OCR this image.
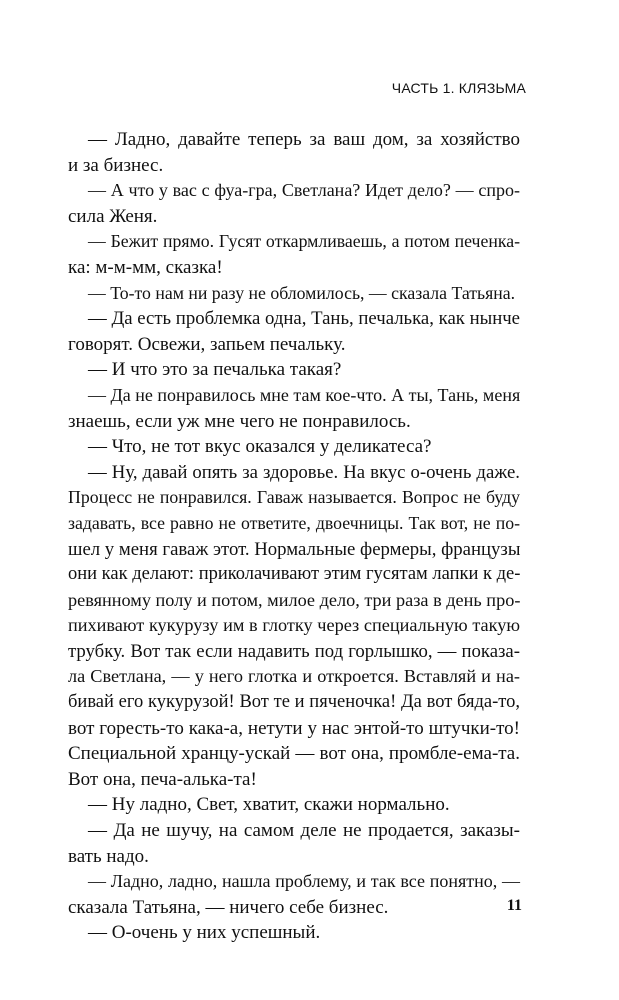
ЧАСТЬ 1. КЛЯЗЬМА
— Ладно, давайте теперь за ваш дом, за хозяйство
и за бизнес.
— А что у вас с фуа-гра, Светлана? Идет дело? — спро-
сила Женя.
— Бежит прямо. Гусят откармливаешь, а потом печенка-
ка: м-м-мм, сказка!
— То-то нам ни разу не обломилось, — сказала Татьяна.
— Да есть проблемка одна, Тань, печалька, как нынче
говорят. Освежи, запьем печальку.
— И что это за печалька такая?
— Да не понравилось мне там кое-что. А ты, Тань, меня
знаешь, если уж мне чего не понравилось.
— Что, не тот вкус оказался у деликатеса?
— Ну, давай опять за здоровье. На вкус о-очень даже.
Процесс не понравился. Гаваж называется. Вопрос не буду
задавать, все равно не ответите, двоечницы. Так вот, не по-
шел у меня гаваж этот. Нормальные фермеры, французы
они как делают: приколачивают этим гусятам лапки к де-
ревянному полу и потом, милое дело, три раза в день про-
пихивают кукурузу им в глотку через специальную такую
трубку. Вот так если надавить под горлышко, — показа-
ла Светлана, — у него глотка и откроется. Вставляй и на-
бивай его кукурузой! Вот те и пяченочка! Да вот бяда-то,
вот горесть-то кака-а, нетути у нас энтой-то штучки-то!
Специальной хранцу-ускай — вот она, промбле-ема-та.
Вот она, печа-алька-та!
— Ну ладно, Свет, хватит, скажи нормально.
— Да не шучу, на самом деле не продается, заказы-
вать надо.
— Ладно, ладно, нашла проблему, и так все понятно, —
сказала Татьяна, — ничего себе бизнес.
— О-очень у них успешный.
11
